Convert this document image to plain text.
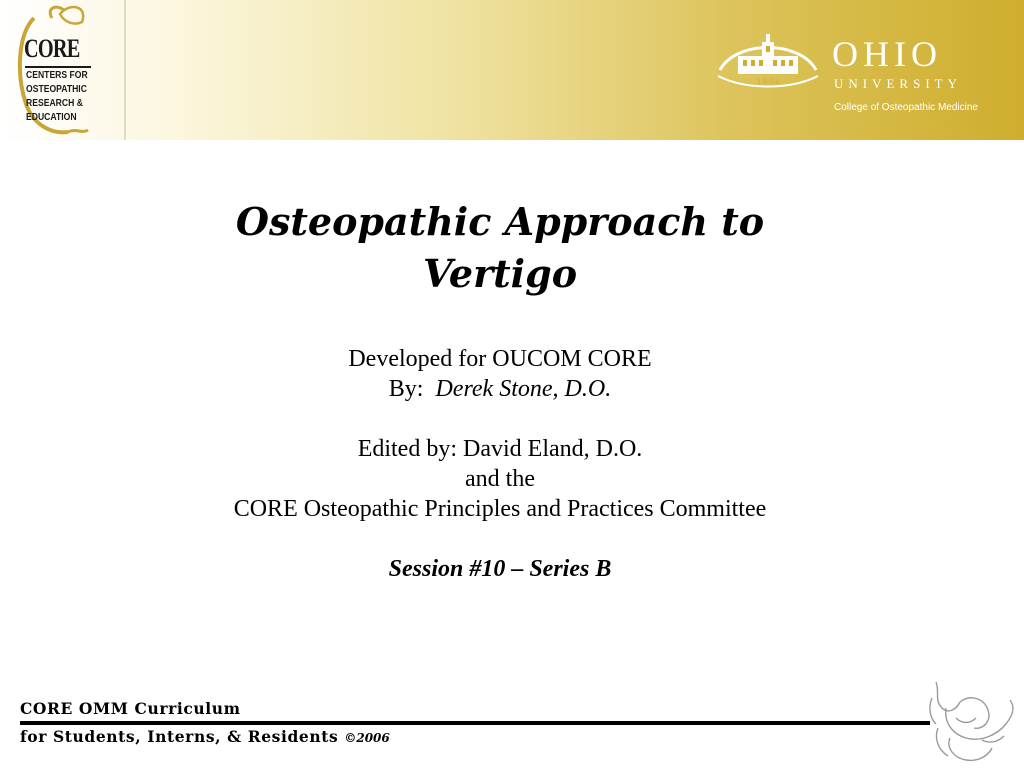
CORE
CENTERS FOR
OSTEOPATHIC
RESEARCH &
EDUCATION
1 8 0 4
OHIO
UNIVERSITY
College of Osteopathic Medicine
Osteopathic Approach to Vertigo
Developed for OUCOM CORE
By: Derek Stone, D.O.
Edited by: David Eland, D.O.
and the
CORE Osteopathic Principles and Practices Committee
Session #10 – Series B
CORE OMM Curriculum
for Students, Interns, & Residents ©2006
